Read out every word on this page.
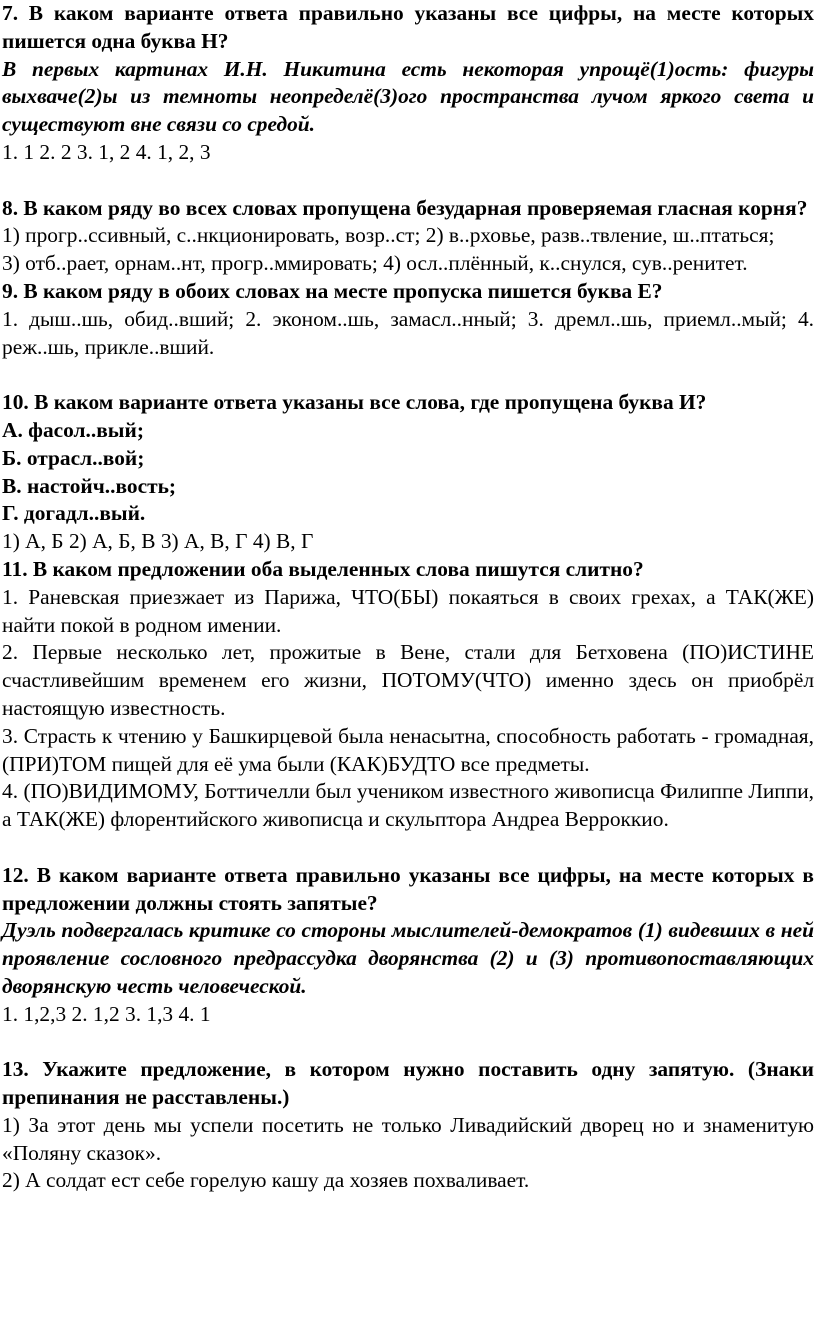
7. В каком варианте ответа правильно указаны все цифры, на месте которых пишется одна буква Н?

В первых картинах И.Н. Никитина есть некоторая упрощё(1)ость: фигуры выхваче(2)ы из темноты неопределё(3)ого пространства лучом яркого света и существуют вне связи со средой.

1. 1 2. 2 3. 1, 2 4. 1, 2, 3

8. В каком ряду во всех словах пропущена безударная проверяемая гласная корня?

1) прогр..ссивный, с..нкционировать, возр..ст; 2) в..рховье, разв..твление, ш..птаться;

3) отб..рает, орнам..нт, прогр..ммировать; 4) осл..плённый, к..снулся, сув..ренитет.

9. В каком ряду в обоих словах на месте пропуска пишется буква Е?

1. дыш..шь, обид..вший; 2. эконом..шь, замасл..нный; 3. дремл..шь, приемл..мый; 4. реж..шь, прикле..вший.

10. В каком варианте ответа указаны все слова, где пропущена буква И?

А. фасол..вый;

Б. отрасл..вой;

В. настойч..вость;

Г. догадл..вый.

1) А, Б 2) А, Б, В 3) А, В, Г 4) В, Г

11. В каком предложении оба выделенных слова пишутся слитно?

1. Раневская приезжает из Парижа, ЧТО(БЫ) покаяться в своих грехах, а ТАК(ЖЕ) найти покой в родном имении.

2. Первые несколько лет, прожитые в Вене, стали для Бетховена (ПО)ИСТИНЕ счастливейшим временем его жизни, ПОТОМУ(ЧТО) именно здесь он приобрёл настоящую известность.

3. Страсть к чтению у Башкирцевой была ненасытна, способность работать - громадная, (ПРИ)ТОМ пищей для её ума были (КАК)БУДТО все предметы.

4. (ПО)ВИДИМОМУ, Боттичелли был учеником известного живописца Филиппе Липпи, а ТАК(ЖЕ) флорентийского живописца и скульптора Андреа Верроккио.

12. В каком варианте ответа правильно указаны все цифры, на месте которых в предложении должны стоять запятые?

Дуэль подвергалась критике со стороны мыслителей-демократов (1) видевших в ней проявление сословного предрассудка дворянства (2) и (3) противопоставляющих дворянскую честь человеческой.

1. 1,2,3 2. 1,2 3. 1,3 4. 1

13. Укажите предложение, в котором нужно поставить одну запятую. (Знаки препинания не расставлены.)

1) За этот день мы успели посетить не только Ливадийский дворец но и знаменитую «Поляну сказок».

2) А солдат ест себе горелую кашу да хозяев похваливает.
